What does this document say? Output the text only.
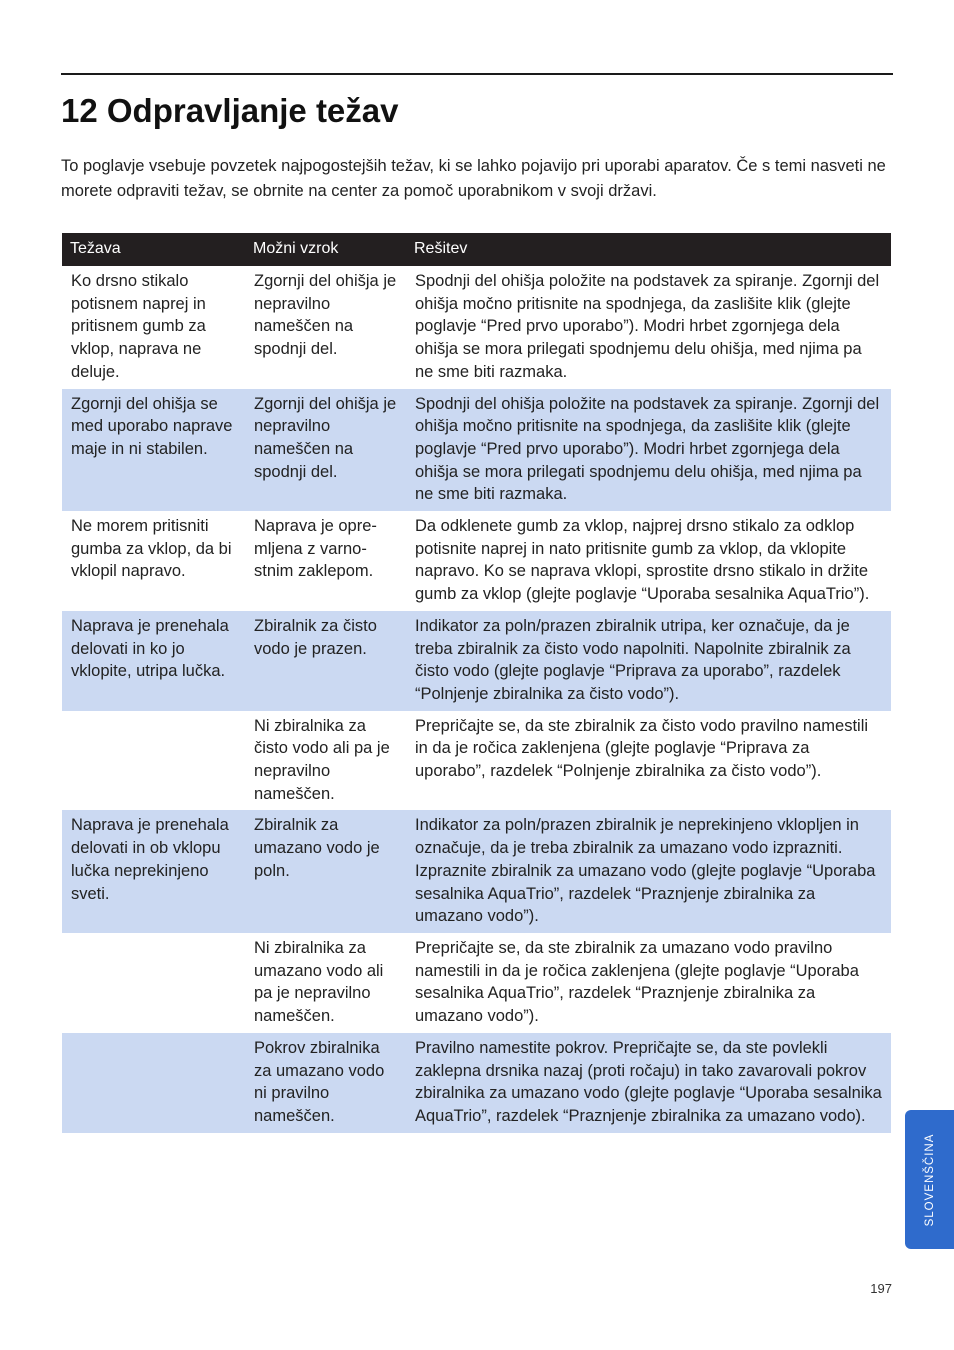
12 Odpravljanje težav

To poglavje vsebuje povzetek najpogostejših težav, ki se lahko pojavijo pri uporabi aparatov. Če s temi nasveti ne morete odpraviti težav, se obrnite na center za pomoč uporabnikom v svoji državi.

Težava	Možni vzrok	Rešitev
Ko drsno stikalo potisnem naprej in pritisnem gumb za vklop, naprava ne deluje.	Zgornji del ohišja je nepravilno nameščen na spodnji del.	Spodnji del ohišja položite na podstavek za spiranje. Zgornji del ohišja močno pritisnite na spodnjega, da zaslišite klik (glejte poglavje “Pred prvo uporabo”). Modri hrbet zgornjega dela ohišja se mora prilegati spodnjemu delu ohišja, med njima pa ne sme biti razmaka.
Zgornji del ohišja se med uporabo naprave maje in ni stabilen.	Zgornji del ohišja je nepravilno nameščen na spodnji del.	Spodnji del ohišja položite na podstavek za spiranje. Zgornji del ohišja močno pritisnite na spodnjega, da zaslišite klik (glejte poglavje “Pred prvo uporabo”). Modri hrbet zgornjega dela ohišja se mora prilegati spodnjemu delu ohišja, med njima pa ne sme biti razmaka.
Ne morem pritisniti gumba za vklop, da bi vklopil napravo.	Naprava je opremljena z varnostnim zaklepom.	Da odklenete gumb za vklop, najprej drsno stikalo za odklop potisnite naprej in nato pritisnite gumb za vklop, da vklopite napravo. Ko se naprava vklopi, sprostite drsno stikalo in držite gumb za vklop (glejte poglavje “Uporaba sesalnika AquaTrio”).
Naprava je prenehala delovati in ko jo vklopite, utripa lučka.	Zbiralnik za čisto vodo je prazen.	Indikator za poln/prazen zbiralnik utripa, ker označuje, da je treba zbiralnik za čisto vodo napolniti. Napolnite zbiralnik za čisto vodo (glejte poglavje “Priprava za uporabo”, razdelek “Polnjenje zbiralnika za čisto vodo”).
	Ni zbiralnika za čisto vodo ali pa je nepravilno nameščen.	Prepričajte se, da ste zbiralnik za čisto vodo pravilno namestili in da je ročica zaklenjena (glejte poglavje “Priprava za uporabo”, razdelek “Polnjenje zbiralnika za čisto vodo”).
Naprava je prenehala delovati in ob vklopu lučka neprekinjeno sveti.	Zbiralnik za umazano vodo je poln.	Indikator za poln/prazen zbiralnik je neprekinjeno vklopljen in označuje, da je treba zbiralnik za umazano vodo izprazniti. Izpraznite zbiralnik za umazano vodo (glejte poglavje “Uporaba sesalnika AquaTrio”, razdelek “Praznjenje zbiralnika za umazano vodo”).
	Ni zbiralnika za umazano vodo ali pa je nepravilno nameščen.	Prepričajte se, da ste zbiralnik za umazano vodo pravilno namestili in da je ročica zaklenjena (glejte poglavje “Uporaba sesalnika AquaTrio”, razdelek “Praznjenje zbiralnika za umazano vodo”).
	Pokrov zbiralnika za umazano vodo ni pravilno nameščen.	Pravilno namestite pokrov. Prepričajte se, da ste povlekli zaklepna drsnika nazaj (proti ročaju) in tako zavarovali pokrov zbiralnika za umazano vodo (glejte poglavje “Uporaba sesalnika AquaTrio”, razdelek “Praznjenje zbiralnika za umazano vodo).
SLOVENŠČINA
197
